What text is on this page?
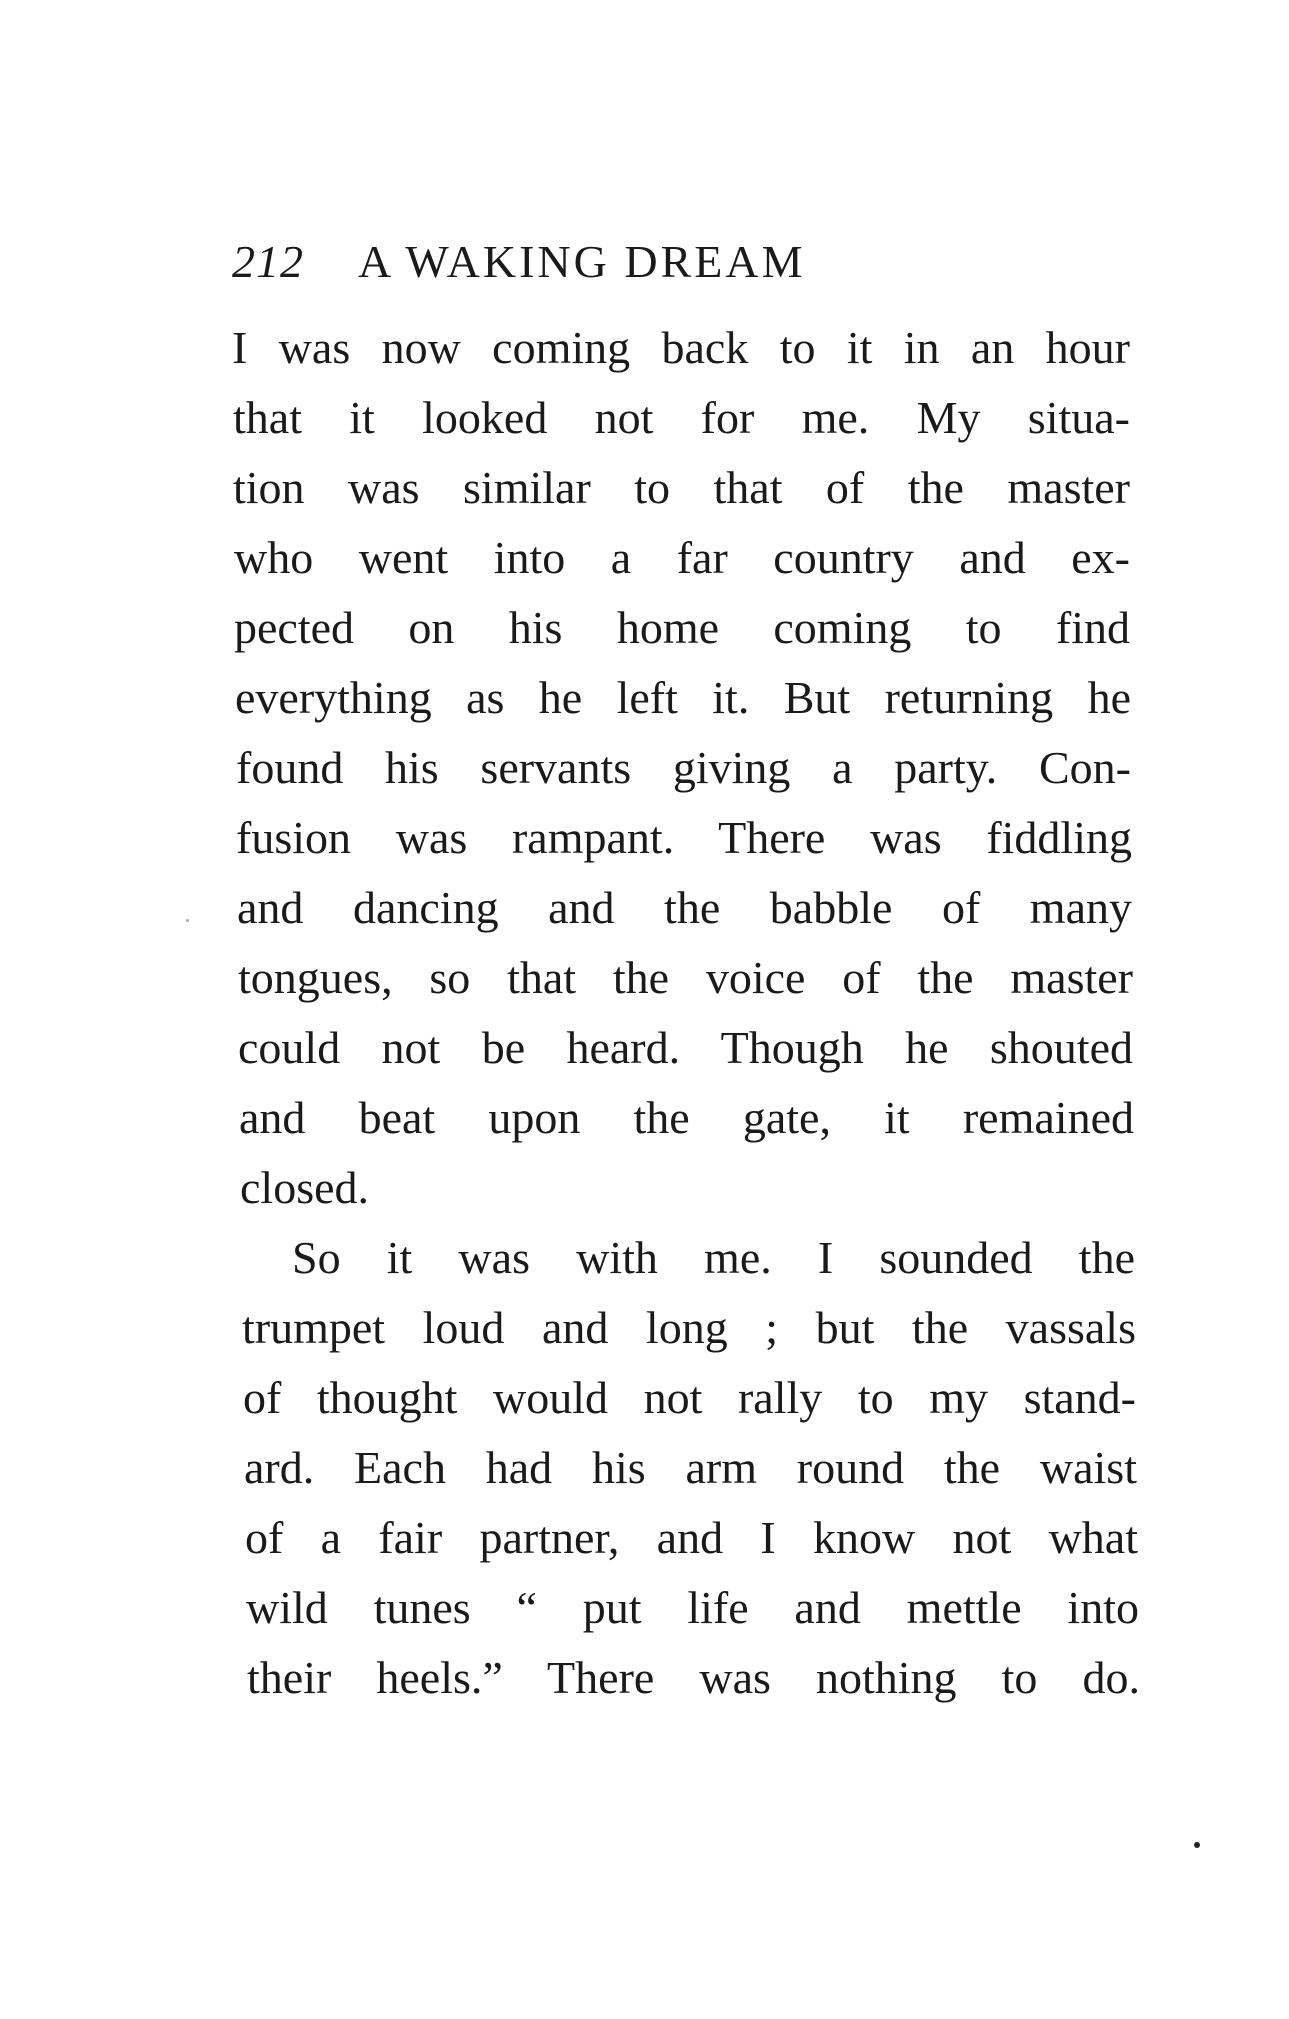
212 A WAKING DREAM
I was now coming back to it in an hour
that it looked not for me. My situa-
tion was similar to that of the master
who went into a far country and ex-
pected on his home coming to find
everything as he left it. But returning he
found his servants giving a party. Con-
fusion was rampant. There was fiddling
and dancing and the babble of many
tongues, so that the voice of the master
could not be heard. Though he shouted
and beat upon the gate, it remained
closed.
So it was with me. I sounded the
trumpet loud and long ; but the vassals
of thought would not rally to my stand-
ard. Each had his arm round the waist
of a fair partner, and I know not what
wild tunes “ put life and mettle into
their heels.” There was nothing to do.
